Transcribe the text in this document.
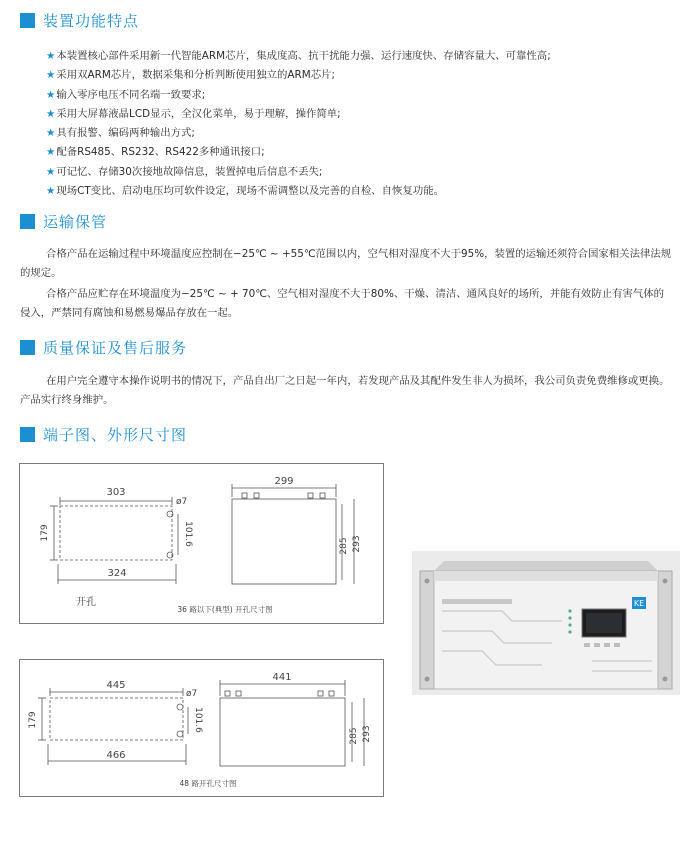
装置功能特点
★本装置核心部件采用新一代智能ARM芯片，集成度高、抗干扰能力强、运行速度快、存储容量大、可靠性高;
★采用双ARM芯片，数据采集和分析判断使用独立的ARM芯片;
★输入零序电压不同名端一致要求;
★采用大屏幕液晶LCD显示，全汉化菜单，易于理解，操作简单;
★具有报警、编码两种输出方式;
★配备RS485、RS232、RS422多种通讯接口;
★可记忆、存储30次接地故障信息，装置掉电后信息不丢失;
★现场CT变比、启动电压均可软件设定，现场不需调整以及完善的自检、自恢复功能。
运输保管

合格产品在运输过程中环境温度应控制在−25℃ ~ +55℃范围以内，空气相对湿度不大于95%，装置的运输还须符合国家相关法律法规的规定。

合格产品应贮存在环境温度为−25℃ ~ + 70℃、空气相对湿度不大于80%、干燥、清洁、通风良好的场所，并能有效防止有害气体的侵入，严禁同有腐蚀和易燃易爆品存放在一起。

质量保证及售后服务

在用户完全遵守本操作说明书的情况下，产品自出厂之日起一年内，若发现产品及其配件发生非人为损坏，我公司负责免费维修或更换。产品实行终身维护。

端子图、外形尺寸图
303
179
ø7
101.6
324
开孔
299
285 293
36 路以下(典型) 开孔尺寸图
445
179
ø7
101.6
466
441
285 293
48 路开孔尺寸图
KE
